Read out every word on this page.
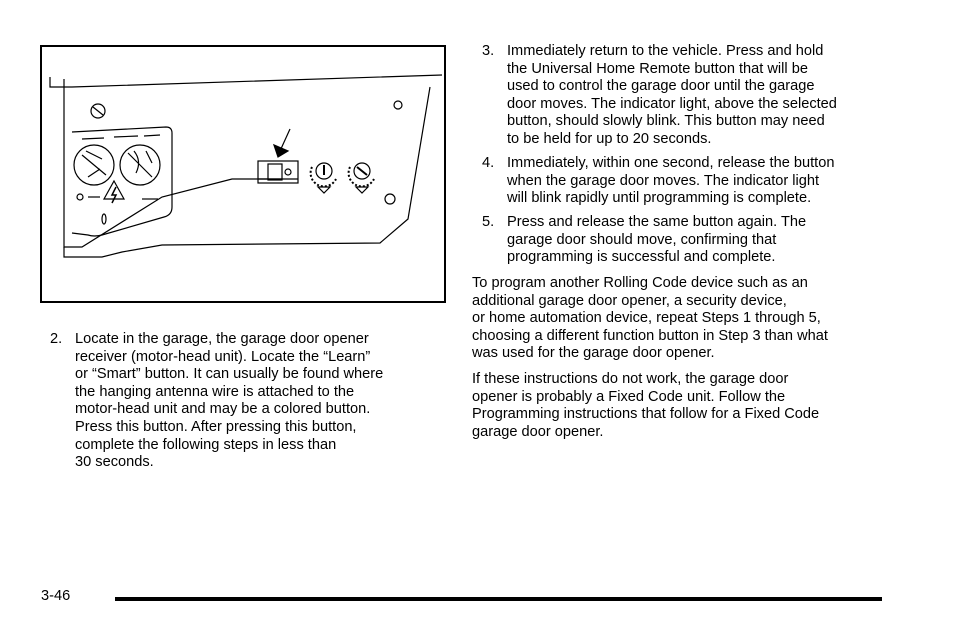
2. Locate in the garage, the garage door opener
receiver (motor-head unit). Locate the “Learn”
or “Smart” button. It can usually be found where
the hanging antenna wire is attached to the
motor-head unit and may be a colored button.
Press this button. After pressing this button,
complete the following steps in less than
30 seconds.
3. Immediately return to the vehicle. Press and hold
the Universal Home Remote button that will be
used to control the garage door until the garage
door moves. The indicator light, above the selected
button, should slowly blink. This button may need
to be held for up to 20 seconds.
4. Immediately, within one second, release the button
when the garage door moves. The indicator light
will blink rapidly until programming is complete.
5. Press and release the same button again. The
garage door should move, confirming that
programming is successful and complete.
To program another Rolling Code device such as an
additional garage door opener, a security device,
or home automation device, repeat Steps 1 through 5,
choosing a different function button in Step 3 than what
was used for the garage door opener.
If these instructions do not work, the garage door
opener is probably a Fixed Code unit. Follow the
Programming instructions that follow for a Fixed Code
garage door opener.
3-46
